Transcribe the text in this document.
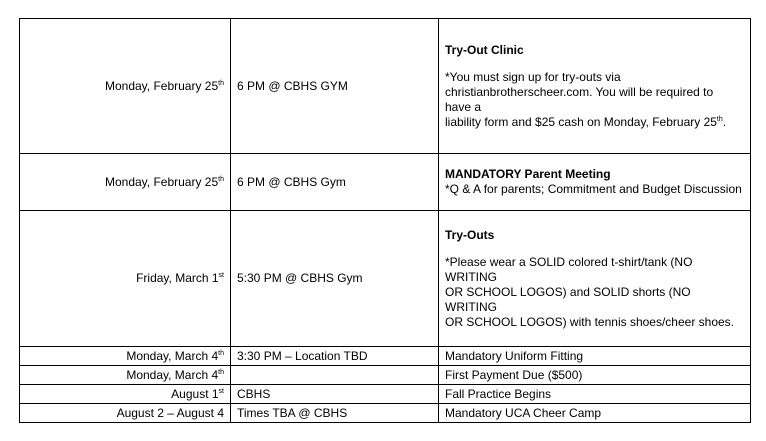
Monday, February 25th	6 PM @ CBHS GYM	Try-Out Clinic
*You must sign up for try-outs via
christianbrotherscheer.com. You will be required to have a
liability form and $25 cash on Monday, February 25th.

Monday, February 25th	6 PM @ CBHS Gym	MANDATORY Parent Meeting
*Q & A for parents; Commitment and Budget Discussion

Friday, March 1st	5:30 PM @ CBHS Gym	Try-Outs
*Please wear a SOLID colored t-shirt/tank (NO WRITING
OR SCHOOL LOGOS) and SOLID shorts (NO WRITING
OR SCHOOL LOGOS) with tennis shoes/cheer shoes.

Monday, March 4th	3:30 PM – Location TBD	Mandatory Uniform Fitting
Monday, March 4th		First Payment Due ($500)
August 1st	CBHS	Fall Practice Begins
August 2 – August 4	Times TBA @ CBHS	Mandatory UCA Cheer Camp
